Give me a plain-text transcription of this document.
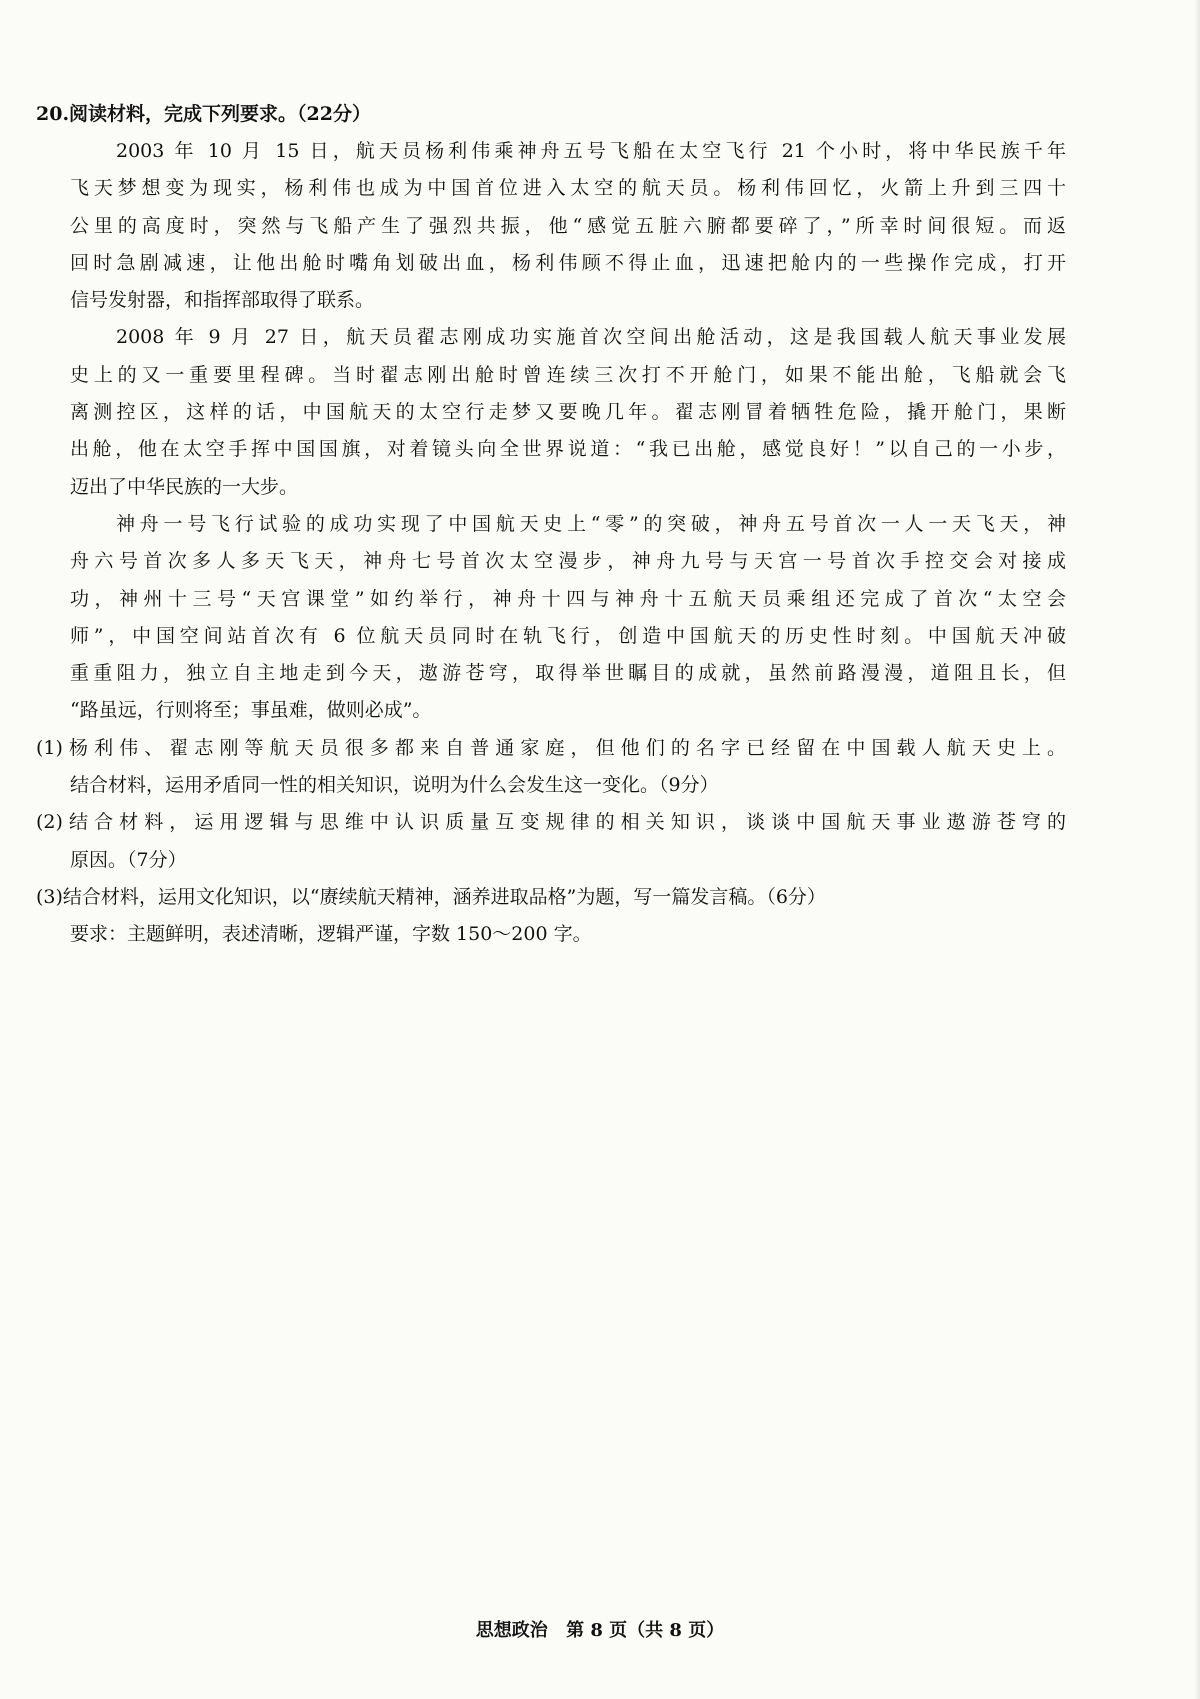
20.阅读材料，完成下列要求。（22分）
2003 年 10 月 15 日，航天员杨利伟乘神舟五号飞船在太空飞行 21 个小时，将中华民族千年
飞天梦想变为现实，杨利伟也成为中国首位进入太空的航天员。杨利伟回忆，火箭上升到三四十
公里的高度时，突然与飞船产生了强烈共振，他“感觉五脏六腑都要碎了，”所幸时间很短。而返
回时急剧减速，让他出舱时嘴角划破出血，杨利伟顾不得止血，迅速把舱内的一些操作完成，打开
信号发射器，和指挥部取得了联系。
2008 年 9 月 27 日，航天员翟志刚成功实施首次空间出舱活动，这是我国载人航天事业发展
史上的又一重要里程碑。当时翟志刚出舱时曾连续三次打不开舱门，如果不能出舱，飞船就会飞
离测控区，这样的话，中国航天的太空行走梦又要晚几年。翟志刚冒着牺牲危险，撬开舱门，果断
出舱，他在太空手挥中国国旗，对着镜头向全世界说道：“我已出舱，感觉良好！”以自己的一小步，
迈出了中华民族的一大步。
神舟一号飞行试验的成功实现了中国航天史上“零”的突破，神舟五号首次一人一天飞天，神
舟六号首次多人多天飞天，神舟七号首次太空漫步，神舟九号与天宫一号首次手控交会对接成
功，神州十三号“天宫课堂”如约举行，神舟十四与神舟十五航天员乘组还完成了首次“太空会
师”，中国空间站首次有 6 位航天员同时在轨飞行，创造中国航天的历史性时刻。中国航天冲破
重重阻力，独立自主地走到今天，遨游苍穹，取得举世瞩目的成就，虽然前路漫漫，道阻且长，但
“路虽远，行则将至；事虽难，做则必成”。
(1)杨利伟、翟志刚等航天员很多都来自普通家庭，但他们的名字已经留在中国载人航天史上。
结合材料，运用矛盾同一性的相关知识，说明为什么会发生这一变化。（9分）
(2)结合材料，运用逻辑与思维中认识质量互变规律的相关知识，谈谈中国航天事业遨游苍穹的
原因。（7分）
(3)结合材料，运用文化知识，以“赓续航天精神，涵养进取品格”为题，写一篇发言稿。（6分）
要求：主题鲜明，表述清晰，逻辑严谨，字数 150～200 字。
思想政治 第 8 页（共 8 页）
